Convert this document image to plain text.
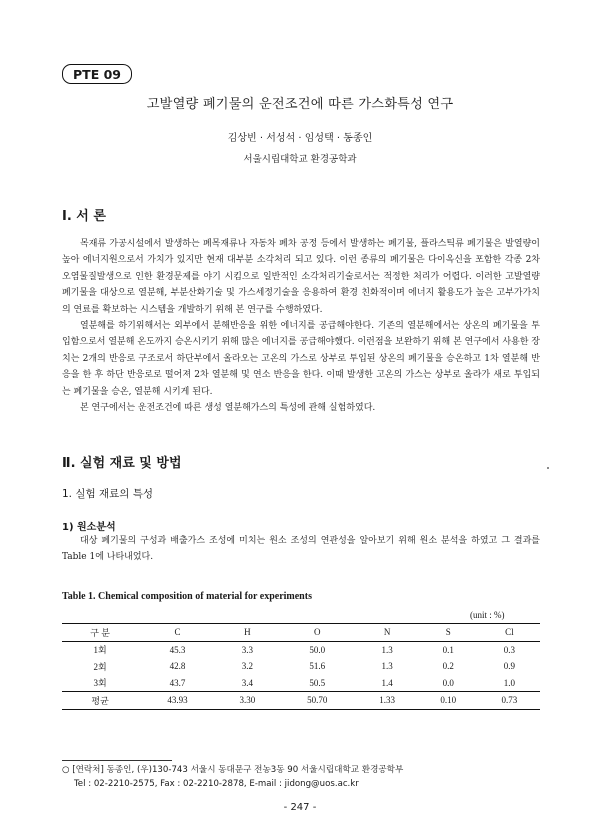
PTE 09
고발열량 폐기물의 운전조건에 따른 가스화특성 연구
김상빈 · 서성석 · 임성택 · 동종인
서울시립대학교 환경공학과
Ⅰ. 서 론

목재류 가공시설에서 발생하는 폐목재류나 자동차 폐차 공정 등에서 발생하는 폐기물, 플라스틱류 폐기물은 발열량이 높아 에너지원으로서 가치가 있지만 현재 대부분 소각처리 되고 있다. 이런 종류의 폐기물은 다이옥신을 포함한 각종 2차 오염물질발생으로 인한 환경문제를 야기 시킴으로 일반적인 소각처리기술로서는 적정한 처리가 어렵다. 이러한 고발열량 폐기물을 대상으로 열분해, 부분산화기술 및 가스세정기술을 응용하여 환경 친화적이며 에너지 활용도가 높은 고부가가치의 연료를 확보하는 시스템을 개발하기 위해 본 연구를 수행하였다.

열분해를 하기위해서는 외부에서 분해반응을 위한 에너지를 공급해야한다. 기존의 열분해에서는 상온의 폐기물을 투입함으로서 열분해 온도까지 승온시키기 위해 많은 에너지를 공급해야했다. 이런점을 보완하기 위해 본 연구에서 사용한 장치는 2개의 반응로 구조로서 하단부에서 올라오는 고온의 가스로 상부로 투입된 상온의 폐기물을 승온하고 1차 열분해 반응을 한 후 하단 반응로로 떨어져 2차 열분해 및 연소 반응을 한다. 이때 발생한 고온의 가스는 상부로 올라가 새로 투입되는 폐기물을 승온, 열분해 시키게 된다.

본 연구에서는 운전조건에 따른 생성 열분해가스의 특성에 관해 실험하였다.

Ⅱ. 실험 재료 및 방법
1. 실험 재료의 특성
1) 원소분석

대상 폐기물의 구성과 배출가스 조성에 미치는 원소 조성의 연관성을 알아보기 위해 원소 분석을 하였고 그 결과를 Table 1에 나타내었다.

Table 1. Chemical composition of material for experiments
(unit : %)
구 분	C	H	O	N	S	Cl
1회	45.3	3.3	50.0	1.3	0.1	0.3
2회	42.8	3.2	51.6	1.3	0.2	0.9
3회	43.7	3.4	50.5	1.4	0.0	1.0
평균	43.93	3.30	50.70	1.33	0.10	0.73
○ [연락처] 동종인, (우)130-743 서울시 동대문구 전농3동 90 서울시립대학교 환경공학부
Tel : 02-2210-2575, Fax : 02-2210-2878, E-mail : jidong@uos.ac.kr
- 247 -
